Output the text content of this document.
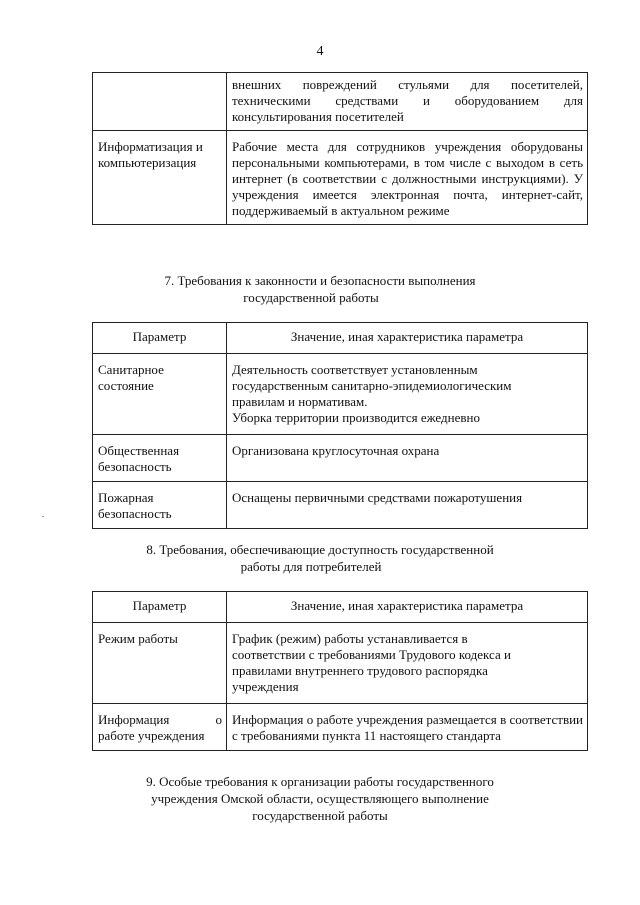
4
	внешних повреждений стульями для посетителей, техническими средствами и оборудованием для консультирования посетителей

Информатизация и
компьютеризация	Рабочие места для сотрудников учреждения оборудованы персональными компьютерами, в том числе с выходом в сеть интернет (в соответствии с должностными инструкциями). У учреждения имеется электронная почта, интернет-сайт, поддерживаемый в актуальном режиме
7. Требования к законности и безопасности выполнения
государственной работы
Параметр	Значение, иная характеристика параметра

Санитарное
состояние	Деятельность соответствует установленным
государственным санитарно-эпидемиологическим
правилам и нормативам.
Уборка территории производится ежедневно

Общественная
безопасность	Организована круглосуточная охрана

Пожарная
безопасность	Оснащены первичными средствами пожаротушения
8. Требования, обеспечивающие доступность государственной
работы для потребителей
Параметр	Значение, иная характеристика параметра

Режим работы	График (режим) работы устанавливается в
соответствии с требованиями Трудового кодекса и
правилами внутреннего трудового распорядка
учреждения

Информация о
работе учреждения	Информация о работе учреждения размещается в соответствии с требованиями пункта 11 настоящего стандарта
9. Особые требования к организации работы государственного
учреждения Омской области, осуществляющего выполнение
государственной работы
